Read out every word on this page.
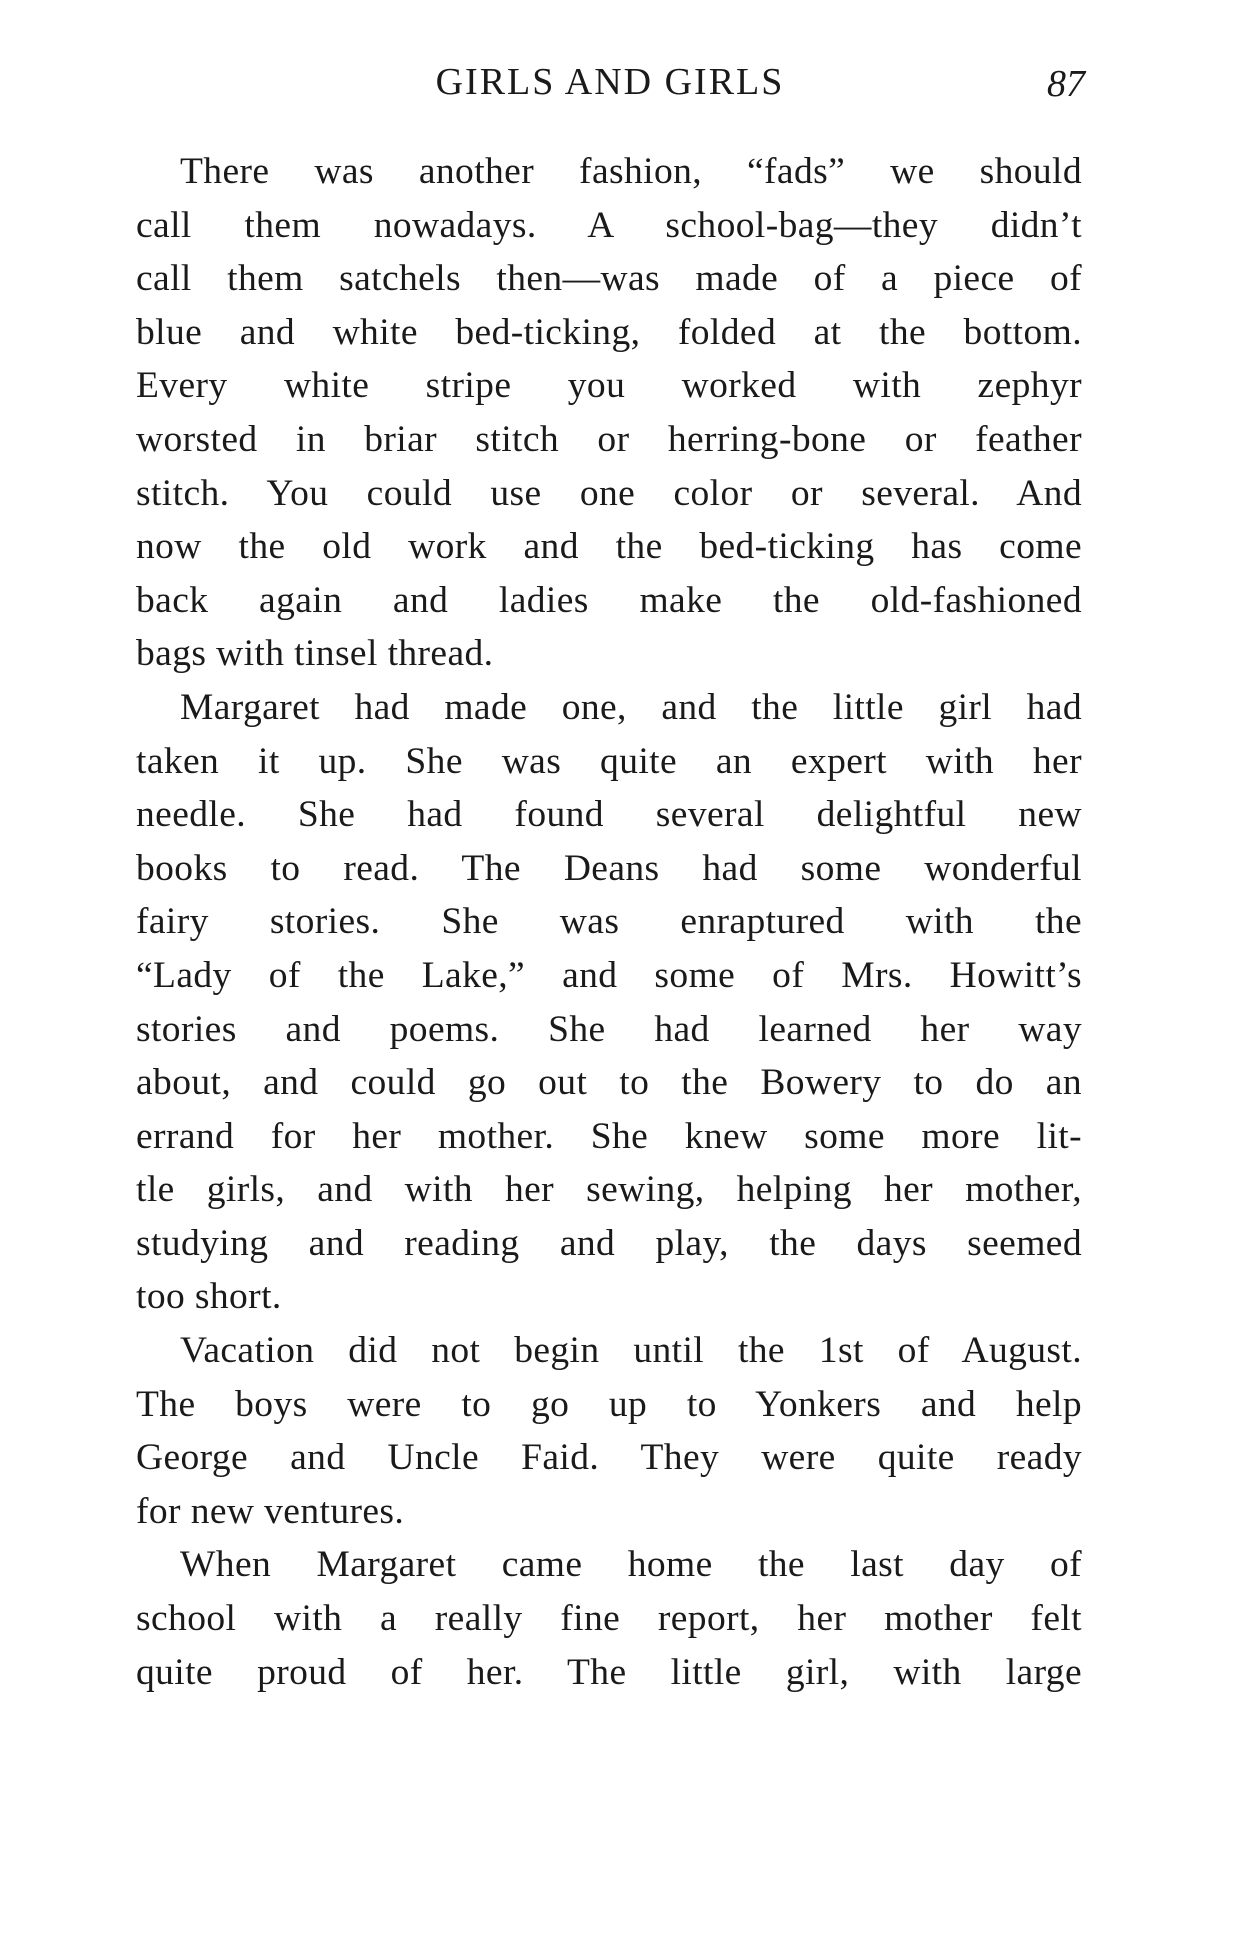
GIRLS AND GIRLS	87
There was another fashion, “fads” we should
call them nowadays. A school-bag—they didn’t
call them satchels then—was made of a piece of
blue and white bed-ticking, folded at the bottom.
Every white stripe you worked with zephyr
worsted in briar stitch or herring-bone or feather
stitch. You could use one color or several. And
now the old work and the bed-ticking has come
back again and ladies make the old-fashioned
bags with tinsel thread.
Margaret had made one, and the little girl had
taken it up. She was quite an expert with her
needle. She had found several delightful new
books to read. The Deans had some wonderful
fairy stories. She was enraptured with the
“Lady of the Lake,” and some of Mrs. Howitt’s
stories and poems. She had learned her way
about, and could go out to the Bowery to do an
errand for her mother. She knew some more lit-
tle girls, and with her sewing, helping her mother,
studying and reading and play, the days seemed
too short.
Vacation did not begin until the 1st of August.
The boys were to go up to Yonkers and help
George and Uncle Faid. They were quite ready
for new ventures.
When Margaret came home the last day of
school with a really fine report, her mother felt
quite proud of her. The little girl, with large
